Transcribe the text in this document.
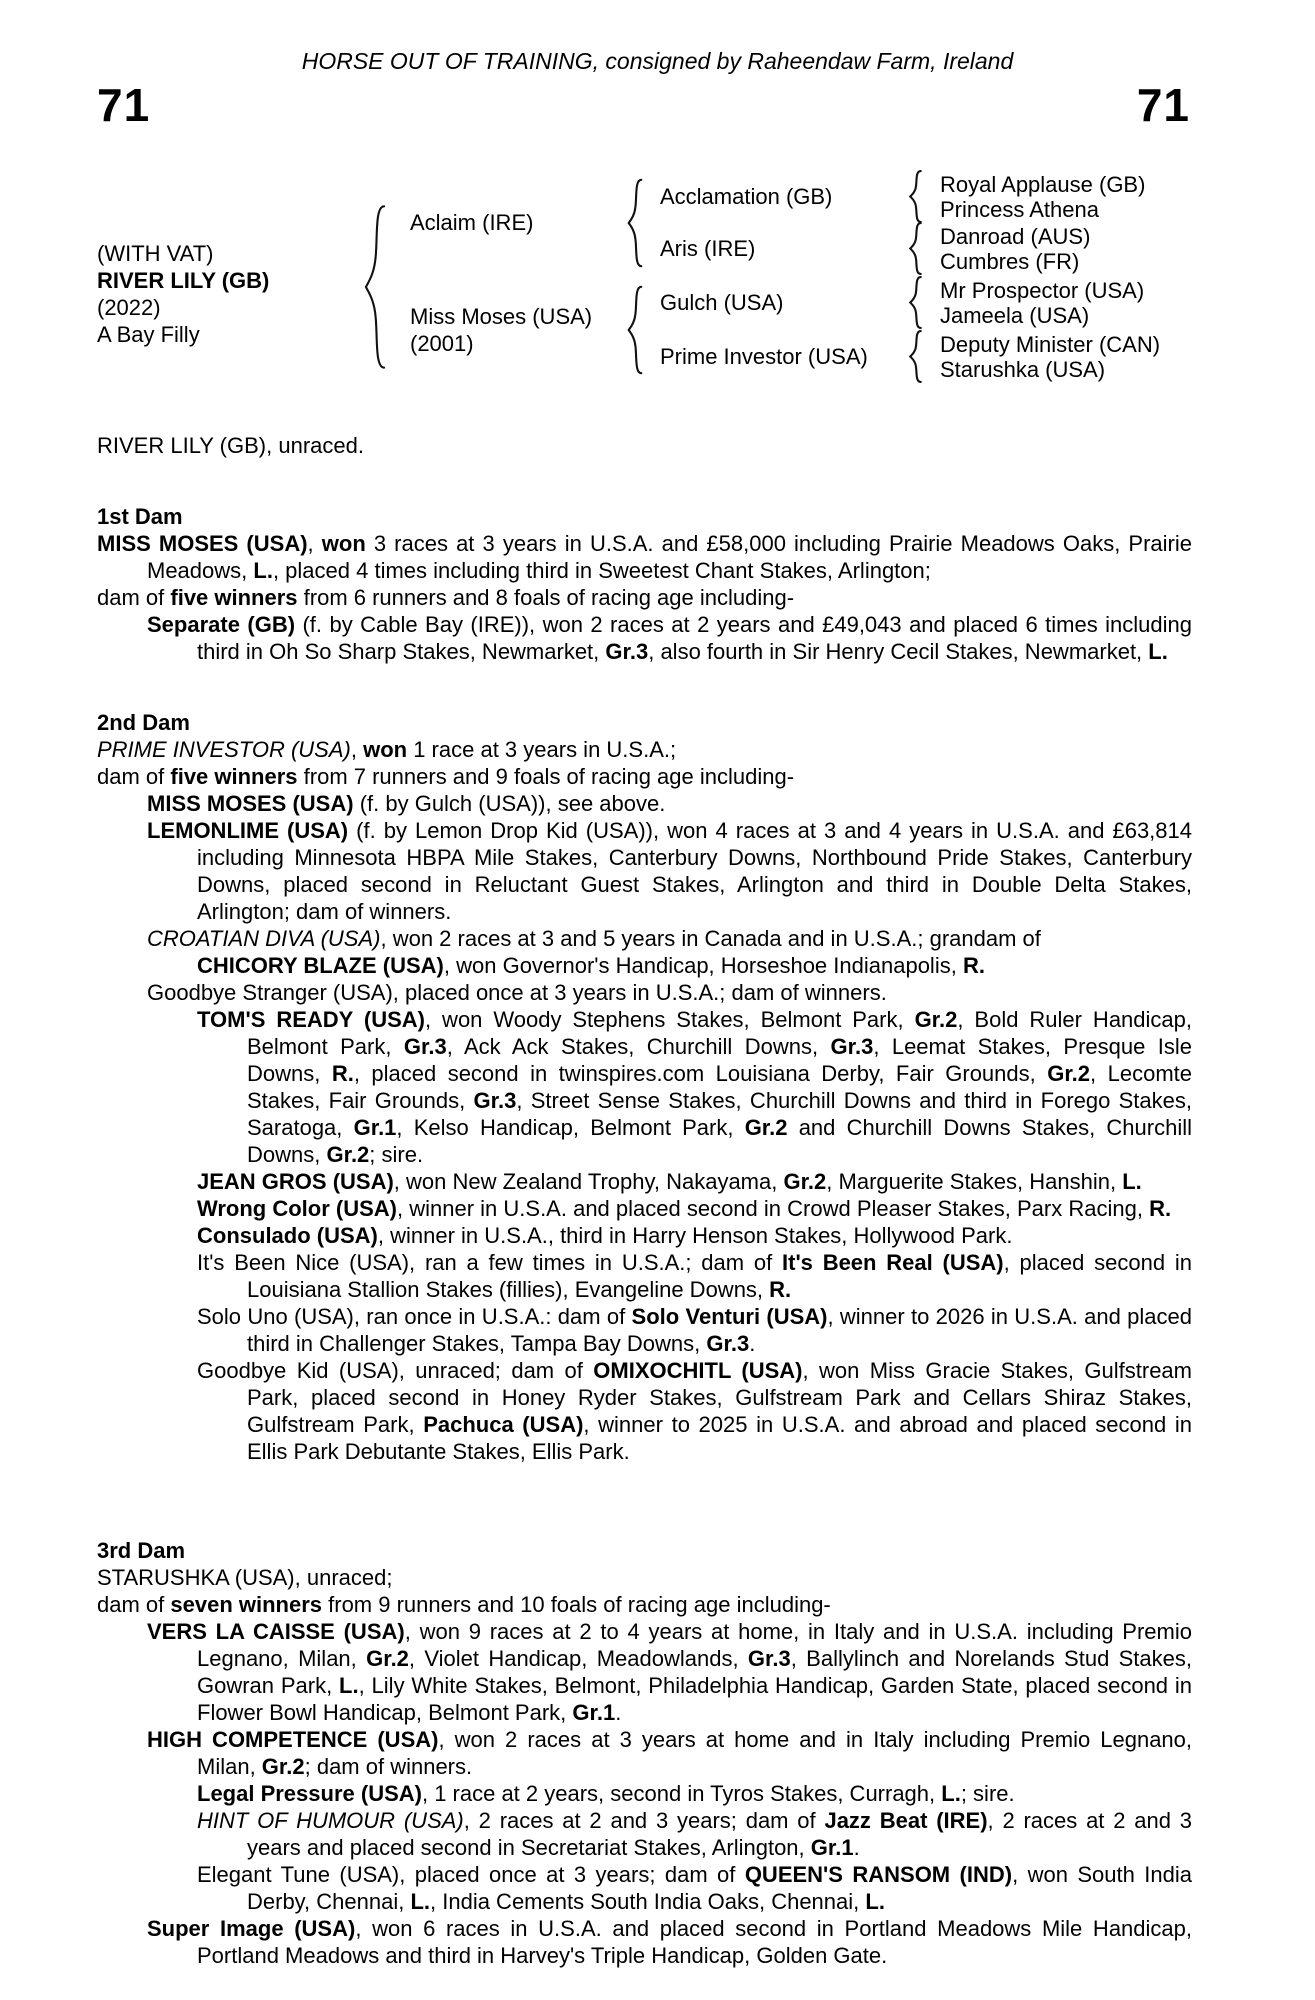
HORSE OUT OF TRAINING, consigned by Raheendaw Farm, Ireland
71	71
(WITH VAT)
RIVER LILY (GB)
(2022)
A Bay Filly
Aclaim (IRE)
Miss Moses (USA)
(2001)
Acclamation (GB)
Aris (IRE)
Gulch (USA)
Prime Investor (USA)
Royal Applause (GB)
Princess Athena
Danroad (AUS)
Cumbres (FR)
Mr Prospector (USA)
Jameela (USA)
Deputy Minister (CAN)
Starushka (USA)
RIVER LILY (GB), unraced.
1st Dam
MISS MOSES (USA), won 3 races at 3 years in U.S.A. and £58,000 including Prairie Meadows Oaks, Prairie Meadows, L., placed 4 times including third in Sweetest Chant Stakes, Arlington;
dam of five winners from 6 runners and 8 foals of racing age including-
Separate (GB) (f. by Cable Bay (IRE)), won 2 races at 2 years and £49,043 and placed 6 times including third in Oh So Sharp Stakes, Newmarket, Gr.3, also fourth in Sir Henry Cecil Stakes, Newmarket, L.
2nd Dam
PRIME INVESTOR (USA), won 1 race at 3 years in U.S.A.;
dam of five winners from 7 runners and 9 foals of racing age including-
MISS MOSES (USA) (f. by Gulch (USA)), see above.
LEMONLIME (USA) (f. by Lemon Drop Kid (USA)), won 4 races at 3 and 4 years in U.S.A. and £63,814 including Minnesota HBPA Mile Stakes, Canterbury Downs, Northbound Pride Stakes, Canterbury Downs, placed second in Reluctant Guest Stakes, Arlington and third in Double Delta Stakes, Arlington; dam of winners.
CROATIAN DIVA (USA), won 2 races at 3 and 5 years in Canada and in U.S.A.; grandam of
CHICORY BLAZE (USA), won Governor's Handicap, Horseshoe Indianapolis, R.
Goodbye Stranger (USA), placed once at 3 years in U.S.A.; dam of winners.
TOM'S READY (USA), won Woody Stephens Stakes, Belmont Park, Gr.2, Bold Ruler Handicap, Belmont Park, Gr.3, Ack Ack Stakes, Churchill Downs, Gr.3, Leemat Stakes, Presque Isle Downs, R., placed second in twinspires.com Louisiana Derby, Fair Grounds, Gr.2, Lecomte Stakes, Fair Grounds, Gr.3, Street Sense Stakes, Churchill Downs and third in Forego Stakes, Saratoga, Gr.1, Kelso Handicap, Belmont Park, Gr.2 and Churchill Downs Stakes, Churchill Downs, Gr.2; sire.
JEAN GROS (USA), won New Zealand Trophy, Nakayama, Gr.2, Marguerite Stakes, Hanshin, L.
Wrong Color (USA), winner in U.S.A. and placed second in Crowd Pleaser Stakes, Parx Racing, R.
Consulado (USA), winner in U.S.A., third in Harry Henson Stakes, Hollywood Park.
It's Been Nice (USA), ran a few times in U.S.A.; dam of It's Been Real (USA), placed second in Louisiana Stallion Stakes (fillies), Evangeline Downs, R.
Solo Uno (USA), ran once in U.S.A.: dam of Solo Venturi (USA), winner to 2026 in U.S.A. and placed third in Challenger Stakes, Tampa Bay Downs, Gr.3.
Goodbye Kid (USA), unraced; dam of OMIXOCHITL (USA), won Miss Gracie Stakes, Gulfstream Park, placed second in Honey Ryder Stakes, Gulfstream Park and Cellars Shiraz Stakes, Gulfstream Park, Pachuca (USA), winner to 2025 in U.S.A. and abroad and placed second in Ellis Park Debutante Stakes, Ellis Park.
3rd Dam
STARUSHKA (USA), unraced;
dam of seven winners from 9 runners and 10 foals of racing age including-
VERS LA CAISSE (USA), won 9 races at 2 to 4 years at home, in Italy and in U.S.A. including Premio Legnano, Milan, Gr.2, Violet Handicap, Meadowlands, Gr.3, Ballylinch and Norelands Stud Stakes, Gowran Park, L., Lily White Stakes, Belmont, Philadelphia Handicap, Garden State, placed second in Flower Bowl Handicap, Belmont Park, Gr.1.
HIGH COMPETENCE (USA), won 2 races at 3 years at home and in Italy including Premio Legnano, Milan, Gr.2; dam of winners.
Legal Pressure (USA), 1 race at 2 years, second in Tyros Stakes, Curragh, L.; sire.
HINT OF HUMOUR (USA), 2 races at 2 and 3 years; dam of Jazz Beat (IRE), 2 races at 2 and 3 years and placed second in Secretariat Stakes, Arlington, Gr.1.
Elegant Tune (USA), placed once at 3 years; dam of QUEEN'S RANSOM (IND), won South India Derby, Chennai, L., India Cements South India Oaks, Chennai, L.
Super Image (USA), won 6 races in U.S.A. and placed second in Portland Meadows Mile Handicap, Portland Meadows and third in Harvey's Triple Handicap, Golden Gate.
